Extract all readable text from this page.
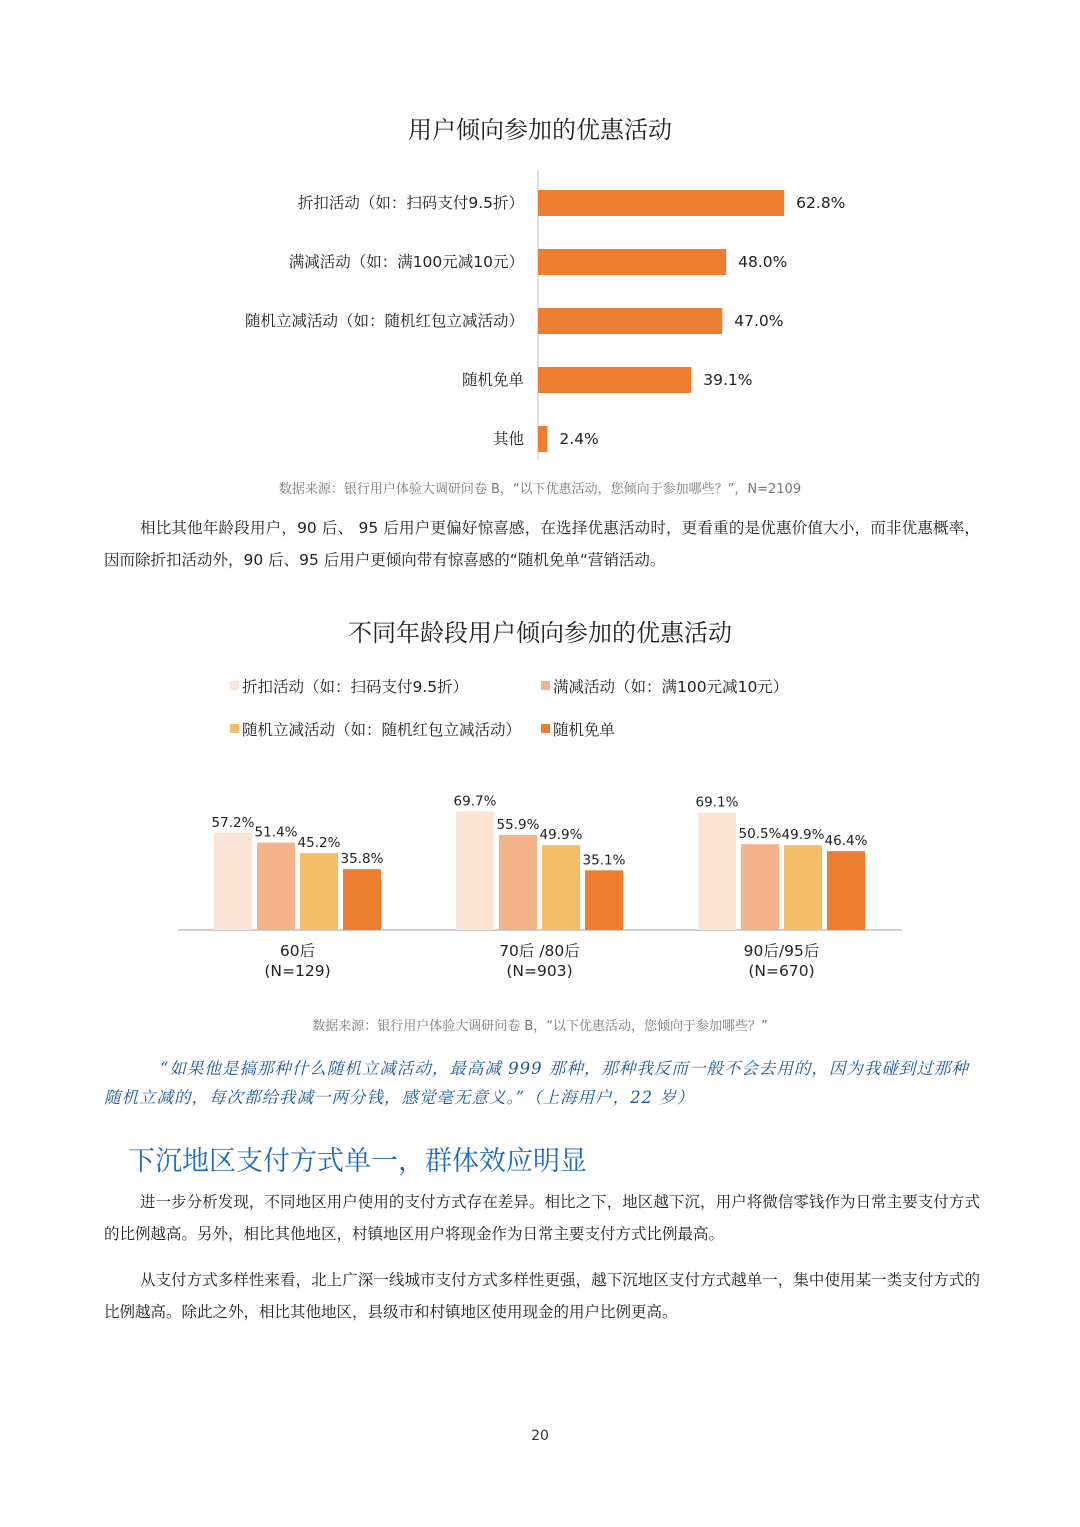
用户倾向参加的优惠活动
折扣活动（如：扫码支付9.5折）	62.8%
满减活动（如：满100元减10元）	48.0%
随机立减活动（如：随机红包立减活动）	47.0%
随机免单	39.1%
其他 2.4%
数据来源：银行用户体验大调研问卷 B，“以下优惠活动，您倾向于参加哪些？”，N=2109

相比其他年龄段用户，90 后、 95 后用户更偏好惊喜感，在选择优惠活动时，更看重的是优惠价值大小，而非优惠概率，因而除折扣活动外，90 后、95 后用户更倾向带有惊喜感的“随机免单“营销活动。

不同年龄段用户倾向参加的优惠活动
折扣活动（如：扫码支付9.5折）	满减活动（如：满100元减10元）
随机立减活动（如：随机红包立减活动）	随机免单
57.2%
51.4%
45.2%
35.8%
60后
(N=129)
69.7%
55.9%
49.9%
35.1%
70后 /80后
(N=903)
69.1%
50.5% 49.9% 46.4%
90后/95后
(N=670)
数据来源：银行用户体验大调研问卷 B，“以下优惠活动，您倾向于参加哪些？”

“如果他是搞那种什么随机立减活动，最高减 999 那种，那种我反而一般不会去用的，因为我碰到过那种随机立减的，每次都给我减一两分钱，感觉毫无意义。”（上海用户，22 岁）

下沉地区支付方式单一，群体效应明显

进一步分析发现，不同地区用户使用的支付方式存在差异。相比之下，地区越下沉，用户将微信零钱作为日常主要支付方式的比例越高。另外，相比其他地区，村镇地区用户将现金作为日常主要支付方式比例最高。

从支付方式多样性来看，北上广深一线城市支付方式多样性更强，越下沉地区支付方式越单一，集中使用某一类支付方式的比例越高。除此之外，相比其他地区，县级市和村镇地区使用现金的用户比例更高。

20
